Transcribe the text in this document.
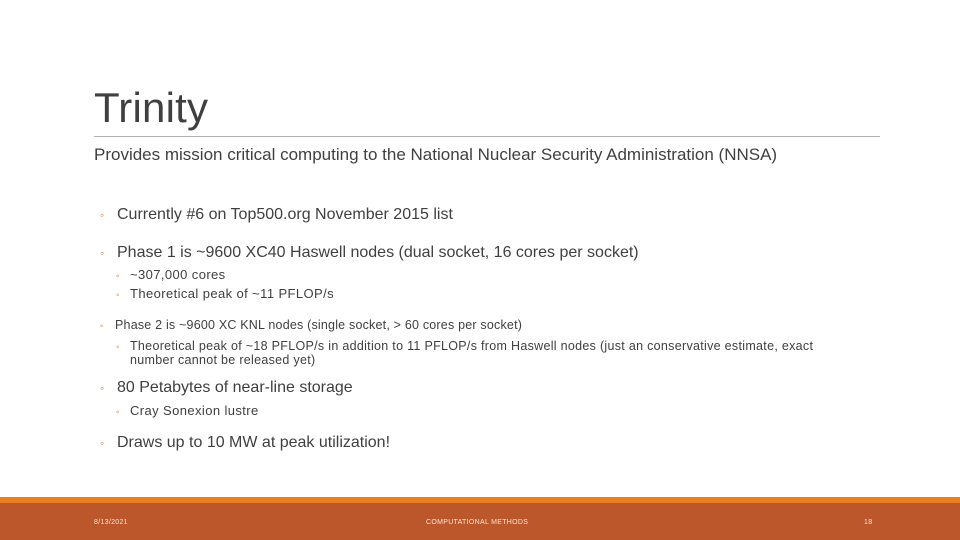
Trinity

Provides mission critical computing to the National Nuclear Security Administration (NNSA)

◦ Currently #6 on Top500.org November 2015 list
◦ Phase 1 is ~9600 XC40 Haswell nodes (dual socket, 16 cores per socket)
◦ ~307,000 cores
◦ Theoretical peak of ~11 PFLOP/s
◦ Phase 2 is ~9600 XC KNL nodes (single socket, > 60 cores per socket)
◦ Theoretical peak of ~18 PFLOP/s in addition to 11 PFLOP/s from Haswell nodes (just an conservative estimate, exact number cannot be released yet)
◦ 80 Petabytes of near-line storage
◦ Cray Sonexion lustre
◦ Draws up to 10 MW at peak utilization!
8/13/2021	COMPUTATIONAL METHODS	18
